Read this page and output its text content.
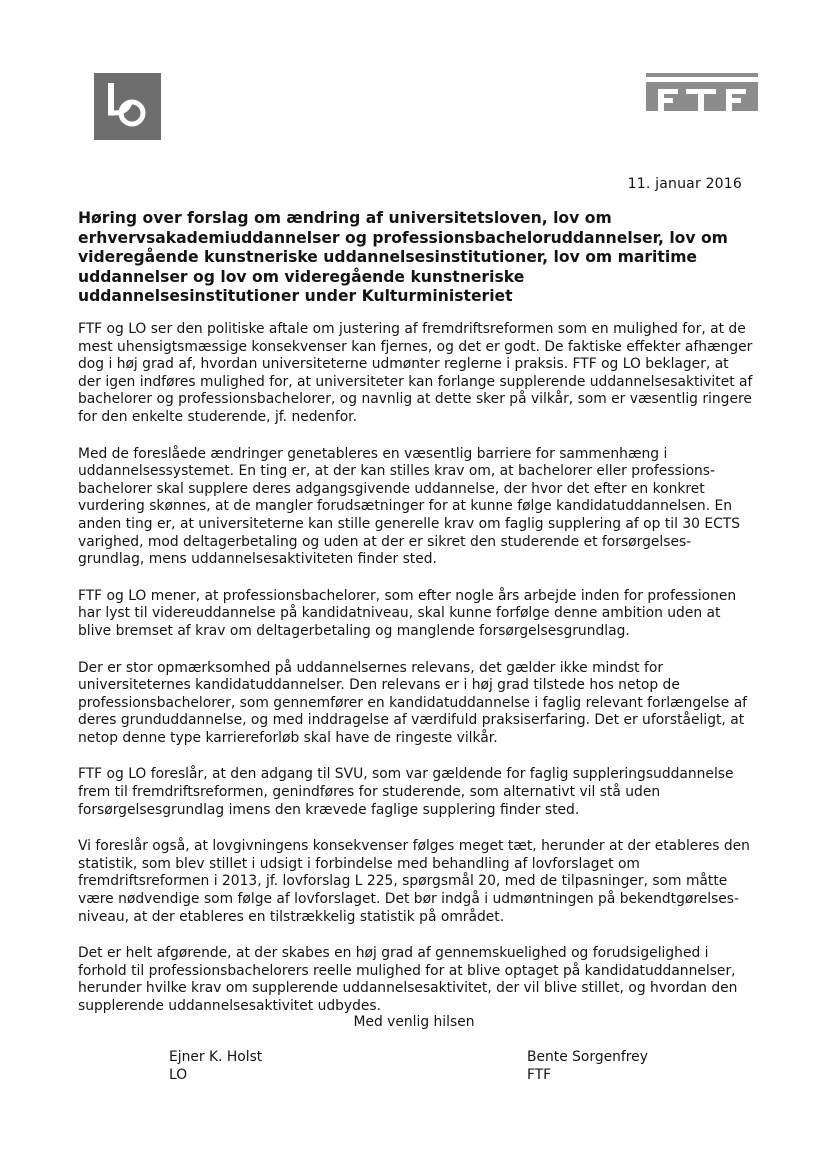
11. januar 2016
Høring over forslag om ændring af universitetsloven, lov om erhvervsakademiuddannelser og professionsbacheloruddannelser, lov om videregående kunstneriske uddannelsesinstitutioner, lov om maritime uddannelser og lov om videregående kunstneriske uddannelsesinstitutioner under Kulturministeriet

FTF og LO ser den politiske aftale om justering af fremdriftsreformen som en mulighed for, at de mest uhensigtsmæssige konsekvenser kan fjernes, og det er godt. De faktiske effekter afhænger dog i høj grad af, hvordan universiteterne udmønter reglerne i praksis. FTF og LO beklager, at der igen indføres mulighed for, at universiteter kan forlange supplerende uddannelsesaktivitet af bachelorer og professionsbachelorer, og navnlig at dette sker på vilkår, som er væsentlig ringere for den enkelte studerende, jf. nedenfor.

Med de foreslåede ændringer genetableres en væsentlig barriere for sammenhæng i uddannelsessystemet. En ting er, at der kan stilles krav om, at bachelorer eller professions-bachelorer skal supplere deres adgangsgivende uddannelse, der hvor det efter en konkret vurdering skønnes, at de mangler forudsætninger for at kunne følge kandidatuddannelsen. En anden ting er, at universiteterne kan stille generelle krav om faglig supplering af op til 30 ECTS varighed, mod deltagerbetaling og uden at der er sikret den studerende et forsørgelses-grundlag, mens uddannelsesaktiviteten finder sted.

FTF og LO mener, at professionsbachelorer, som efter nogle års arbejde inden for professionen har lyst til videreuddannelse på kandidatniveau, skal kunne forfølge denne ambition uden at blive bremset af krav om deltagerbetaling og manglende forsørgelsesgrundlag.

Der er stor opmærksomhed på uddannelsernes relevans, det gælder ikke mindst for universiteternes kandidatuddannelser. Den relevans er i høj grad tilstede hos netop de professionsbachelorer, som gennemfører en kandidatuddannelse i faglig relevant forlængelse af deres grunduddannelse, og med inddragelse af værdifuld praksiserfaring. Det er uforståeligt, at netop denne type karriereforløb skal have de ringeste vilkår.

FTF og LO foreslår, at den adgang til SVU, som var gældende for faglig suppleringsuddannelse frem til fremdriftsreformen, genindføres for studerende, som alternativt vil stå uden forsørgelsesgrundlag imens den krævede faglige supplering finder sted.

Vi foreslår også, at lovgivningens konsekvenser følges meget tæt, herunder at der etableres den statistik, som blev stillet i udsigt i forbindelse med behandling af lovforslaget om fremdriftsreformen i 2013, jf. lovforslag L 225, spørgsmål 20, med de tilpasninger, som måtte være nødvendige som følge af lovforslaget. Det bør indgå i udmøntningen på bekendtgørelses-niveau, at der etableres en tilstrækkelig statistik på området.

Det er helt afgørende, at der skabes en høj grad af gennemskuelighed og forudsigelighed i forhold til professionsbachelorers reelle mulighed for at blive optaget på kandidatuddannelser, herunder hvilke krav om supplerende uddannelsesaktivitet, der vil blive stillet, og hvordan den supplerende uddannelsesaktivitet udbydes.

Med venlig hilsen
Ejner K. Holst
LO
Bente Sorgenfrey
FTF
